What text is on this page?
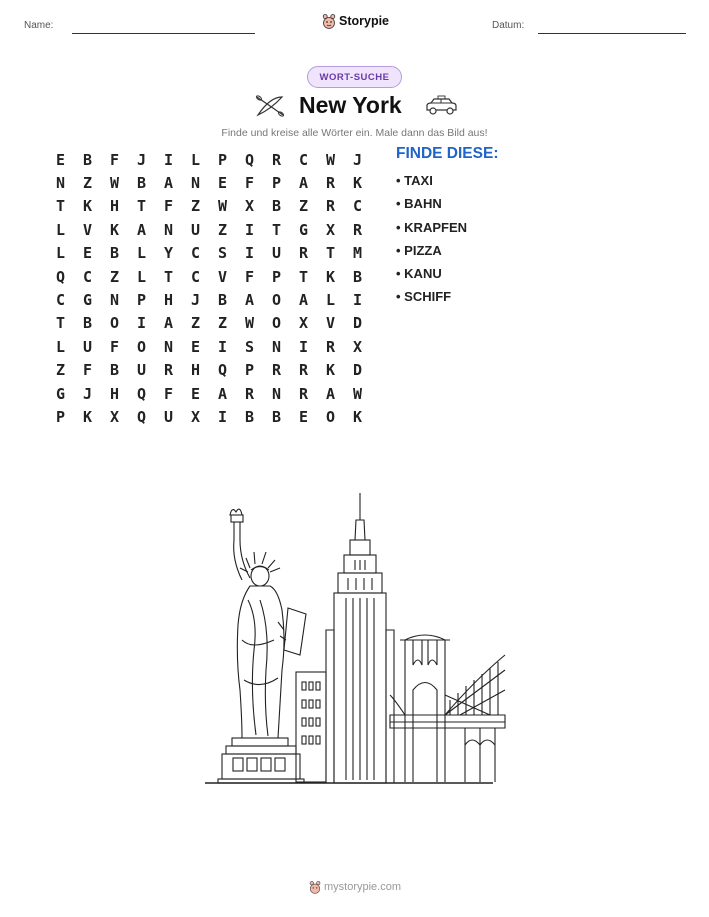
Name:	Storypie	Datum:
WORT-SUCHE
New York
Finde und kreise alle Wörter ein. Male dann das Bild aus!
E	B	F	J	I	L	P	Q	R	C	W	J
N	Z	W	B	A	N	E	F	P	A	R	K
T	K	H	T	F	Z	W	X	B	Z	R	C
L	V	K	A	N	U	Z	I	T	G	X	R
L	E	B	L	Y	C	S	I	U	R	T	M
Q	C	Z	L	T	C	V	F	P	T	K	B
C	G	N	P	H	J	B	A	O	A	L	I
T	B	O	I	A	Z	Z	W	O	X	V	D
L	U	F	O	N	E	I	S	N	I	R	X
Z	F	B	U	R	H	Q	P	R	R	K	D
G	J	H	Q	F	E	A	R	N	R	A	W
P	K	X	Q	U	X	I	B	B	E	O	K
FINDE DIESE:
• TAXI
• BAHN
• KRAPFEN
• PIZZA
• KANU
• SCHIFF
mystorypie.com
